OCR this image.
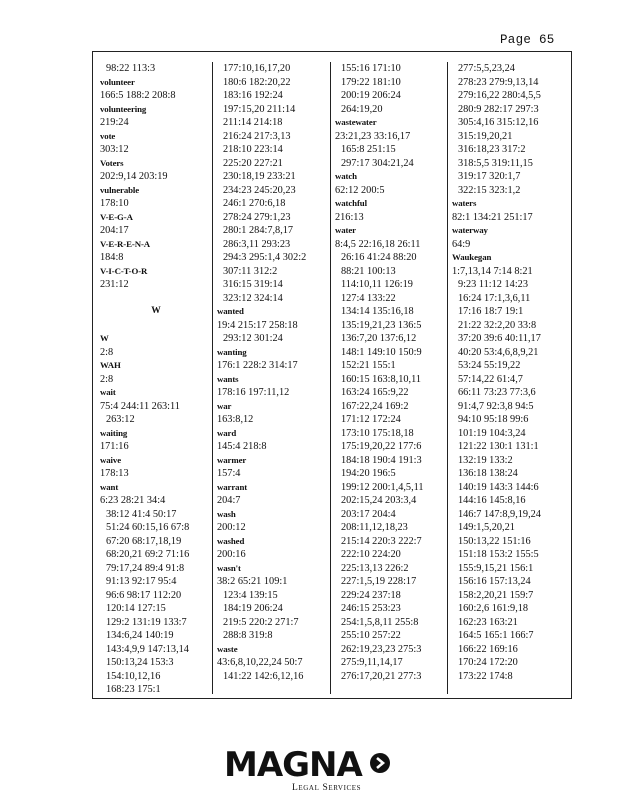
Page 65
98:22 113:3
volunteer
166:5 188:2 208:8
volunteering
219:24
vote
303:12
Voters
202:9,14 203:19
vulnerable
178:10
V-E-G-A
204:17
V-E-R-E-N-A
184:8
V-I-C-T-O-R
231:12
W
W
2:8
WAH
2:8
wait
75:4 244:11 263:11
263:12
waiting
171:16
waive
178:13
want
6:23 28:21 34:4
38:12 41:4 50:17
51:24 60:15,16 67:8
67:20 68:17,18,19
68:20,21 69:2 71:16
79:17,24 89:4 91:8
91:13 92:17 95:4
96:6 98:17 112:20
120:14 127:15
129:2 131:19 133:7
134:6,24 140:19
143:4,9,9 147:13,14
150:13,24 153:3
154:10,12,16
168:23 175:1
177:10,16,17,20
180:6 182:20,22
183:16 192:24
197:15,20 211:14
211:14 214:18
216:24 217:3,13
218:10 223:14
225:20 227:21
230:18,19 233:21
234:23 245:20,23
246:1 270:6,18
278:24 279:1,23
280:1 284:7,8,17
286:3,11 293:23
294:3 295:1,4 302:2
307:11 312:2
316:15 319:14
323:12 324:14
wanted
19:4 215:17 258:18
293:12 301:24
wanting
176:1 228:2 314:17
wants
178:16 197:11,12
war
163:8,12
ward
145:4 218:8
warmer
157:4
warrant
204:7
wash
200:12
washed
200:16
wasn't
38:2 65:21 109:1
123:4 139:15
184:19 206:24
219:5 220:2 271:7
288:8 319:8
waste
43:6,8,10,22,24 50:7
141:22 142:6,12,16
155:16 171:10
179:22 181:10
200:19 206:24
264:19,20
wastewater
23:21,23 33:16,17
165:8 251:15
297:17 304:21,24
watch
62:12 200:5
watchful
216:13
water
8:4,5 22:16,18 26:11
26:16 41:24 88:20
88:21 100:13
114:10,11 126:19
127:4 133:22
134:14 135:16,18
135:19,21,23 136:5
136:7,20 137:6,12
148:1 149:10 150:9
152:21 155:1
160:15 163:8,10,11
163:24 165:9,22
167:22,24 169:2
171:12 172:24
173:10 175:18,18
175:19,20,22 177:6
184:18 190:4 191:3
194:20 196:5
199:12 200:1,4,5,11
202:15,24 203:3,4
203:17 204:4
208:11,12,18,23
215:14 220:3 222:7
222:10 224:20
225:13,13 226:2
227:1,5,19 228:17
229:24 237:18
246:15 253:23
254:1,5,8,11 255:8
255:10 257:22
262:19,23,23 275:3
275:9,11,14,17
276:17,20,21 277:3
277:5,5,23,24
278:23 279:9,13,14
279:16,22 280:4,5,5
280:9 282:17 297:3
305:4,16 315:12,16
315:19,20,21
316:18,23 317:2
318:5,5 319:11,15
319:17 320:1,7
322:15 323:1,2
waters
82:1 134:21 251:17
waterway
64:9
Waukegan
1:7,13,14 7:14 8:21
9:23 11:12 14:23
16:24 17:1,3,6,11
17:16 18:7 19:1
21:22 32:2,20 33:8
37:20 39:6 40:11,17
40:20 53:4,6,8,9,21
53:24 55:19,22
57:14,22 61:4,7
66:11 73:23 77:3,6
91:4,7 92:3,8 94:5
94:10 95:18 99:6
101:19 104:3,24
121:22 130:1 131:1
132:19 133:2
136:18 138:24
140:19 143:3 144:6
144:16 145:8,16
146:7 147:8,9,19,24
149:1,5,20,21
150:13,22 151:16
151:18 153:2 155:5
155:9,15,21 156:1
156:16 157:13,24
158:2,20,21 159:7
160:2,6 161:9,18
162:23 163:21
164:5 165:1 166:7
166:22 169:16
170:24 172:20
173:22 174:8
MAGNA
Legal Services
